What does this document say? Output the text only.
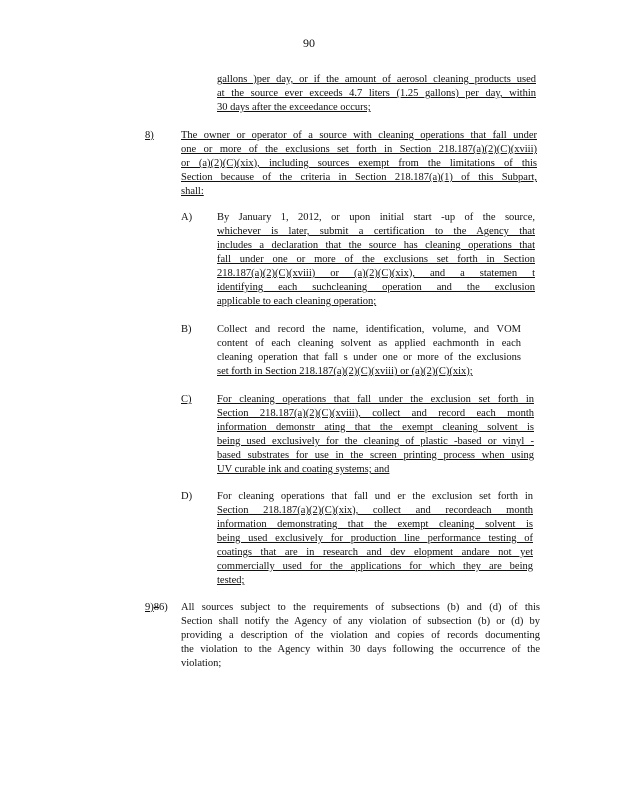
90
gallons )per day, or if the amount of aerosol cleaning products used
at the source ever exceeds 4.7 liters (1.25 gallons) per day, within
30 days after the exceedance occurs;
8)	The owner or operator of a source with cleaning operations that fall under
one or more of the exclusions set forth in Section 218.187(a)(2)(C)(xviii)
or (a)(2)(C)(xix), including sources exempt from the limitations of this
Section because of the criteria in Section 218.187(a)(1) of this Subpart,
shall:
A) By January 1, 2012, or upon initial start -up of the source,
whichever is later, submit a certification to the Agency that
includes a declaration that the source has cleaning operations that
fall under one or more of the exclusions set forth in Section
218.187(a)(2)(C)(xviii) or (a)(2)(C)(xix), and a statemen t
identifying each suchcleaning operation and the exclusion
applicable to each cleaning operation;
B) Collect and record the name, identification, volume, and VOM
content of each cleaning solvent as applied eachmonth in each
cleaning operation that fall s under one or more of the exclusions
set forth in Section 218.187(a)(2)(C)(xviii) or (a)(2)(C)(xix);
C) For cleaning operations that fall under the exclusion set forth in
Section 218.187(a)(2)(C)(xviii), collect and record each month
information demonstr ating that the exempt cleaning solvent is
being used exclusively for the cleaning of plastic -based or vinyl -
based substrates for use in the screen printing process when using
UV curable ink and coating systems; and
D) For cleaning operations that fall und er the exclusion set forth in
Section 218.187(a)(2)(C)(xix), collect and recordeach month
information demonstrating that the exempt cleaning solvent is
being used exclusively for production line performance testing of
coatings that are in research and dev elopment andare not yet
commercially used for the applications for which they are being
tested;
9)86) All sources subject to the requirements of subsections (b) and (d) of this
Section shall notify the Agency of any violation of subsection (b) or (d) by
providing a description of the violation and copies of records documenting
the violation to the Agency within 30 days following the occurrence of the
violation;
